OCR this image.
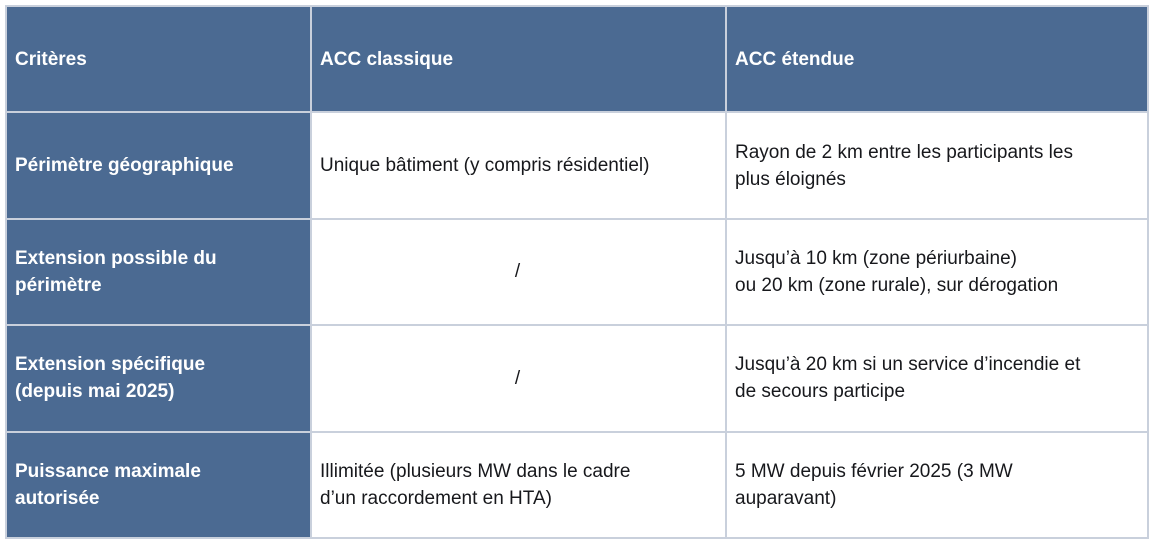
Critères	ACC classique	ACC étendue

Périmètre géographique	Unique bâtiment (y compris résidentiel)	Rayon de 2 km entre les participants les
plus éloignés

Extension possible du
périmètre	/	Jusqu’à 10 km (zone périurbaine)
ou 20 km (zone rurale), sur dérogation

Extension spécifique
(depuis mai 2025)	/	Jusqu’à 20 km si un service d’incendie et
de secours participe

Puissance maximale
autorisée	Illimitée (plusieurs MW dans le cadre
d’un raccordement en HTA)	5 MW depuis février 2025 (3 MW
auparavant)
